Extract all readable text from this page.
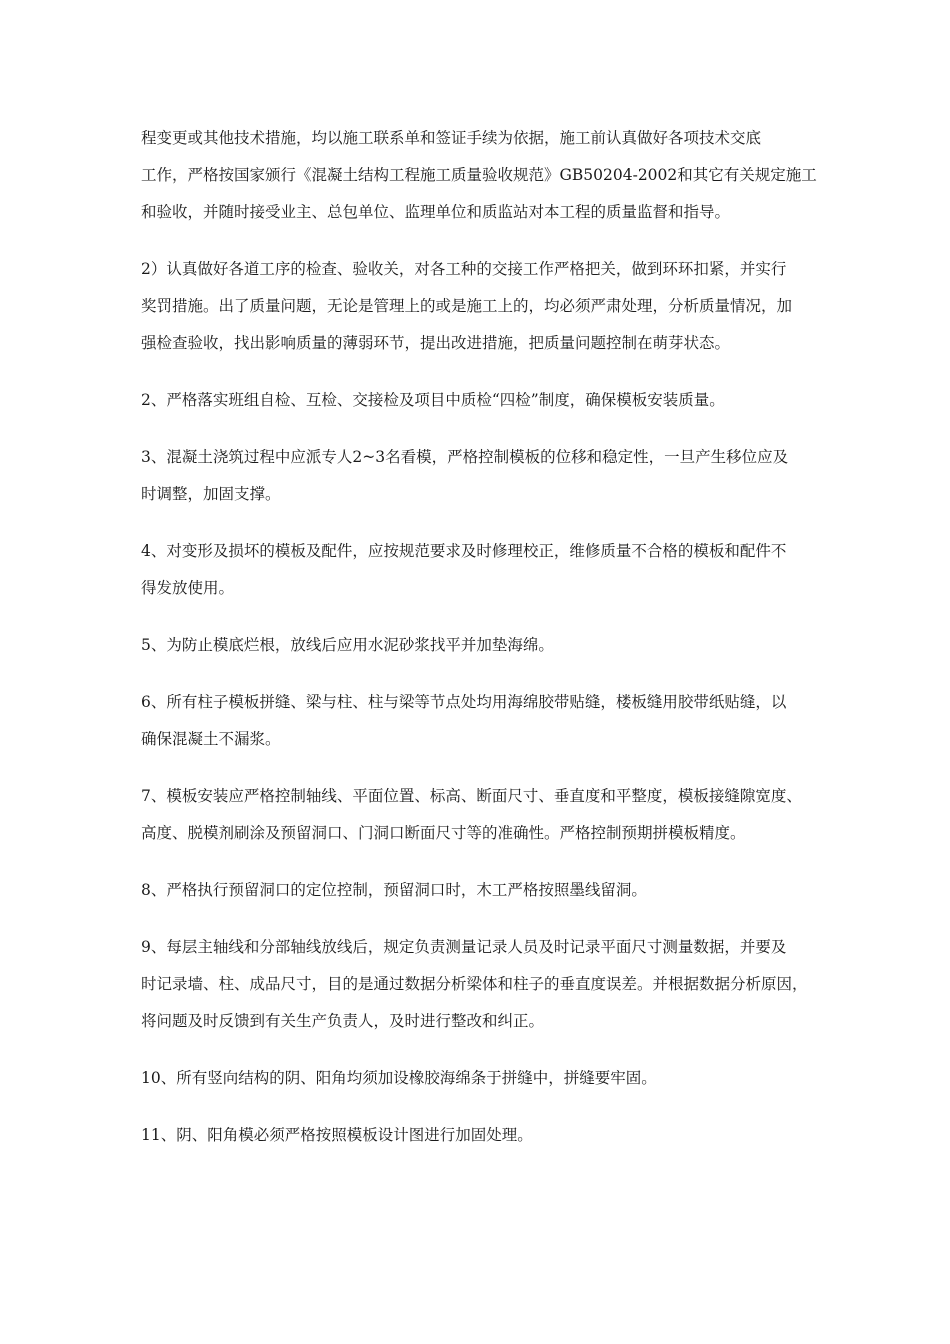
程变更或其他技术措施，均以施工联系单和签证手续为依据，施工前认真做好各项技术交底
工作，严格按国家颁行《混凝土结构工程施工质量验收规范》GB50204-2002和其它有关规定施工
和验收，并随时接受业主、总包单位、监理单位和质监站对本工程的质量监督和指导。

2）认真做好各道工序的检查、验收关，对各工种的交接工作严格把关，做到环环扣紧，并实行
奖罚措施。出了质量问题，无论是管理上的或是施工上的，均必须严肃处理，分析质量情况，加
强检查验收，找出影响质量的薄弱环节，提出改进措施，把质量问题控制在萌芽状态。

2、严格落实班组自检、互检、交接检及项目中质检“四检”制度，确保模板安装质量。

3、混凝土浇筑过程中应派专人2~3名看模，严格控制模板的位移和稳定性，一旦产生移位应及
时调整，加固支撑。

4、对变形及损坏的模板及配件，应按规范要求及时修理校正，维修质量不合格的模板和配件不
得发放使用。

5、为防止模底烂根，放线后应用水泥砂浆找平并加垫海绵。

6、所有柱子模板拼缝、梁与柱、柱与梁等节点处均用海绵胶带贴缝，楼板缝用胶带纸贴缝，以
确保混凝土不漏浆。

7、模板安装应严格控制轴线、平面位置、标高、断面尺寸、垂直度和平整度，模板接缝隙宽度、
高度、脱模剂刷涂及预留洞口、门洞口断面尺寸等的准确性。严格控制预期拼模板精度。

8、严格执行预留洞口的定位控制，预留洞口时，木工严格按照墨线留洞。

9、每层主轴线和分部轴线放线后，规定负责测量记录人员及时记录平面尺寸测量数据，并要及
时记录墙、柱、成品尺寸，目的是通过数据分析梁体和柱子的垂直度误差。并根据数据分析原因，
将问题及时反馈到有关生产负责人，及时进行整改和纠正。

10、所有竖向结构的阴、阳角均须加设橡胶海绵条于拼缝中，拼缝要牢固。

11、阴、阳角模必须严格按照模板设计图进行加固处理。
